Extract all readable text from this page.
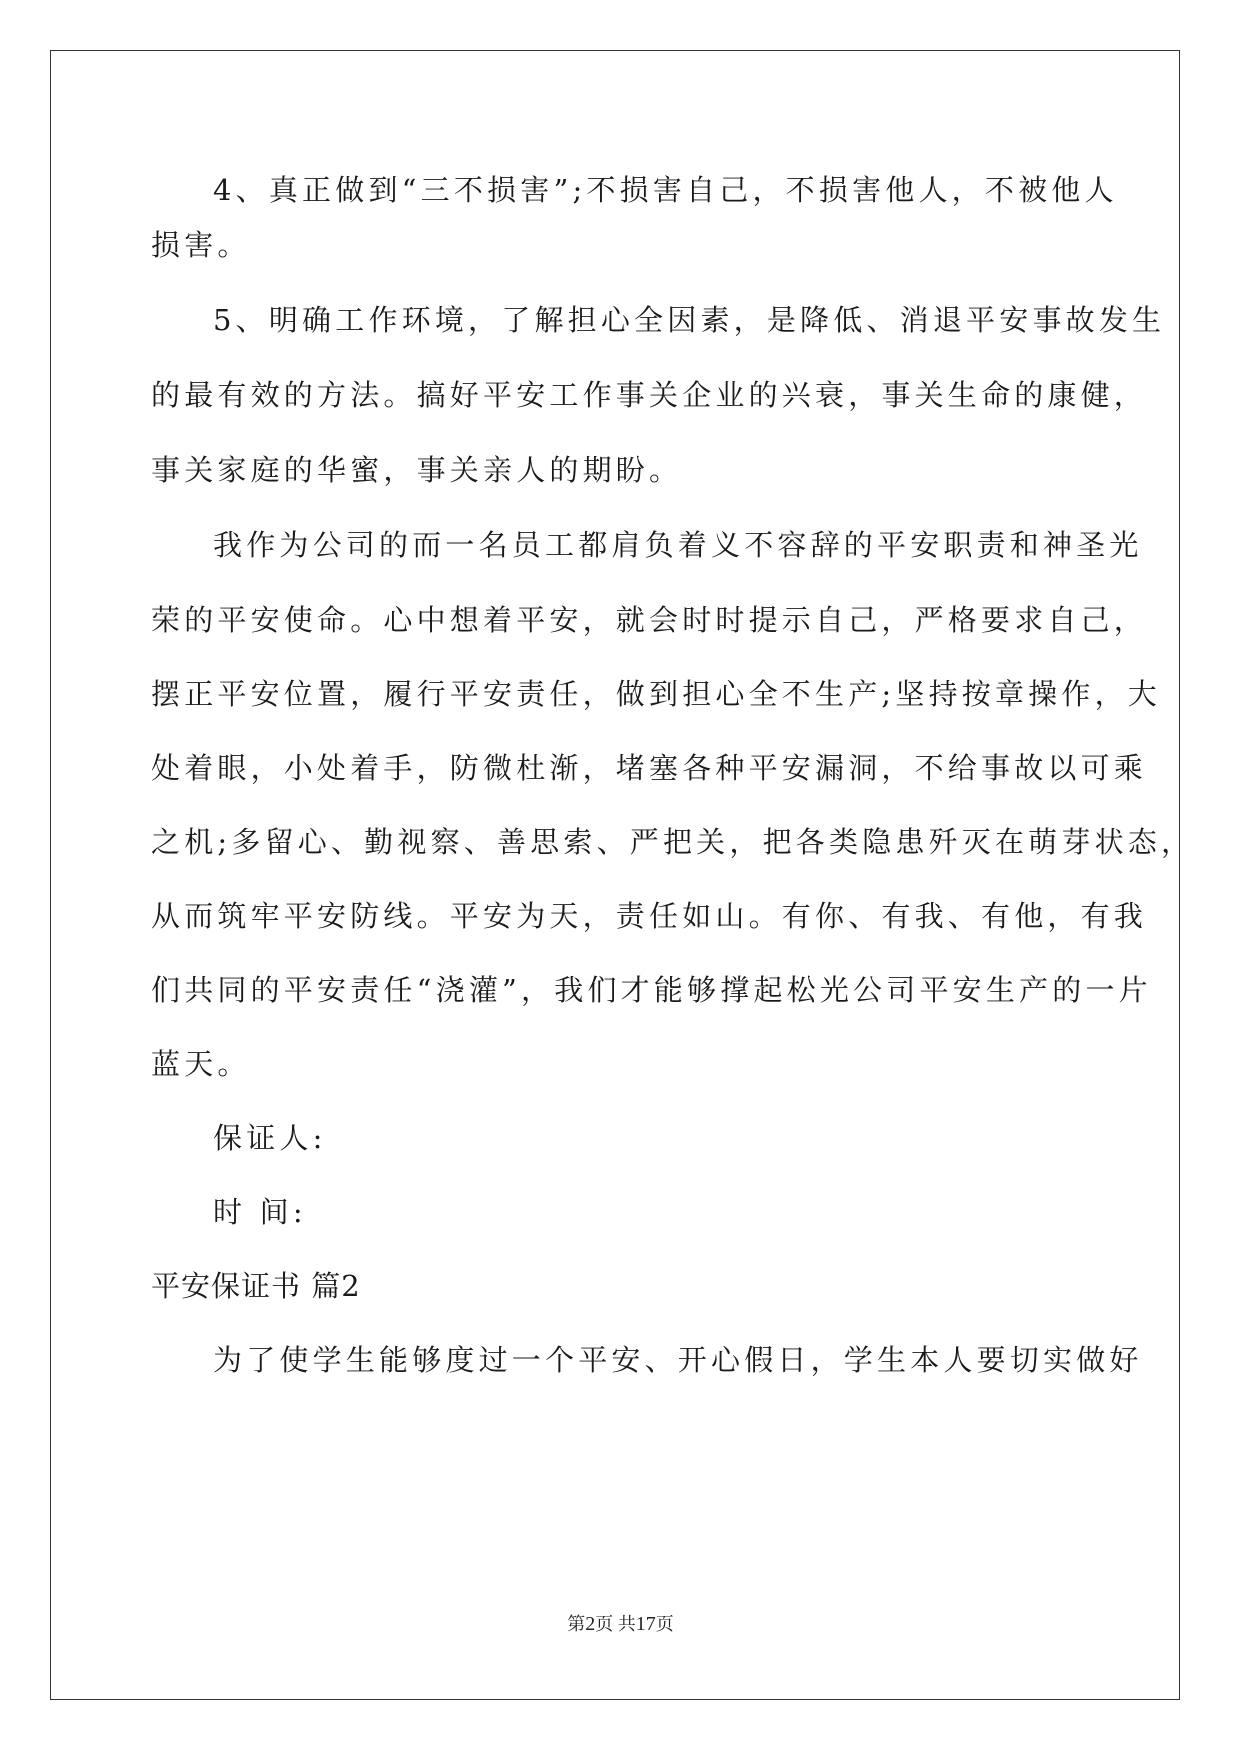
4、真正做到“三不损害”;不损害自己，不损害他人，不被他人
损害。
5、明确工作环境，了解担心全因素，是降低、消退平安事故发生
的最有效的方法。搞好平安工作事关企业的兴衰，事关生命的康健，
事关家庭的华蜜，事关亲人的期盼。
我作为公司的而一名员工都肩负着义不容辞的平安职责和神圣光
荣的平安使命。心中想着平安，就会时时提示自己，严格要求自己，
摆正平安位置，履行平安责任，做到担心全不生产;坚持按章操作，大
处着眼，小处着手，防微杜渐，堵塞各种平安漏洞，不给事故以可乘
之机;多留心、勤视察、善思索、严把关，把各类隐患歼灭在萌芽状态，
从而筑牢平安防线。平安为天，责任如山。有你、有我、有他，有我
们共同的平安责任“浇灌”，我们才能够撑起松光公司平安生产的一片
蓝天。
保证人:
时 间:
平安保证书 篇2
为了使学生能够度过一个平安、开心假日，学生本人要切实做好
第2页 共17页
